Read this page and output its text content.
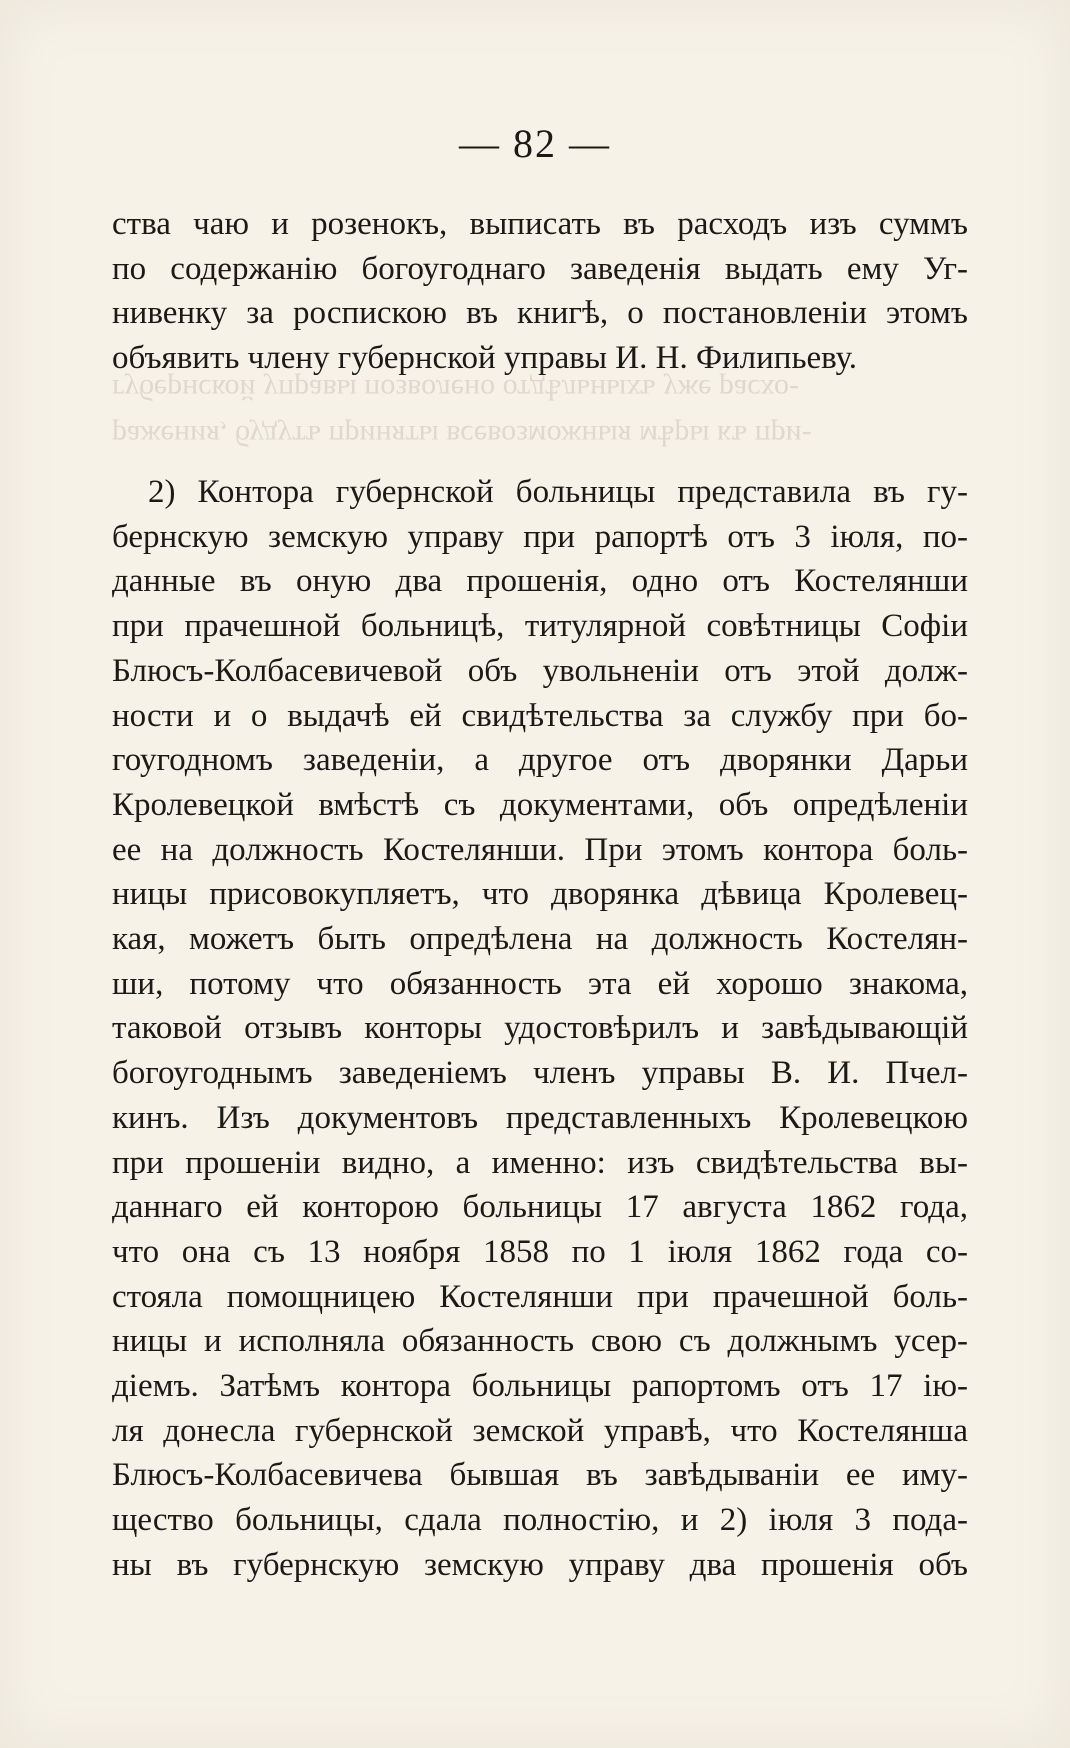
— 82 —
ства чаю и розенокъ, выписать въ расходъ изъ суммъ
по содержанію богоугоднаго заведенія выдать ему Уг-
нивенку за роспискою въ книгѣ, о постановленіи этомъ
объявить члену губернской управы И. Н. Филипьеву.
губернской управы позволено отдѣльныхъ уже расхо-
ражения, будутъ приняты всевозможныя мѣры къ при-
2) Контора губернской больницы представила въ гу-
бернскую земскую управу при рапортѣ отъ 3 іюля, по-
данные въ оную два прошенія, одно отъ Костелянши
при прачешной больницѣ, титулярной совѣтницы Софіи
Блюсъ-Колбасевичевой объ увольненіи отъ этой долж-
ности и о выдачѣ ей свидѣтельства за службу при бо-
гоугодномъ заведеніи, а другое отъ дворянки Дарьи
Кролевецкой вмѣстѣ съ документами, объ опредѣленіи
ее на должность Костелянши. При этомъ контора боль-
ницы присовокупляетъ, что дворянка дѣвица Кролевец-
кая, можетъ быть опредѣлена на должность Костелян-
ши, потому что обязанность эта ей хорошо знакома,
таковой отзывъ конторы удостовѣрилъ и завѣдывающій
богоугоднымъ заведеніемъ членъ управы В. И. Пчел-
кинъ. Изъ документовъ представленныхъ Кролевецкою
при прошеніи видно, а именно: изъ свидѣтельства вы-
даннаго ей конторою больницы 17 августа 1862 года,
что она съ 13 ноября 1858 по 1 іюля 1862 года со-
стояла помощницею Костелянши при прачешной боль-
ницы и исполняла обязанность свою съ должнымъ усер-
діемъ. Затѣмъ контора больницы рапортомъ отъ 17 ію-
ля донесла губернской земской управѣ, что Костелянша
Блюсъ-Колбасевичева бывшая въ завѣдываніи ее иму-
щество больницы, сдала полностію, и 2) іюля 3 пода-
ны въ губернскую земскую управу два прошенія объ
